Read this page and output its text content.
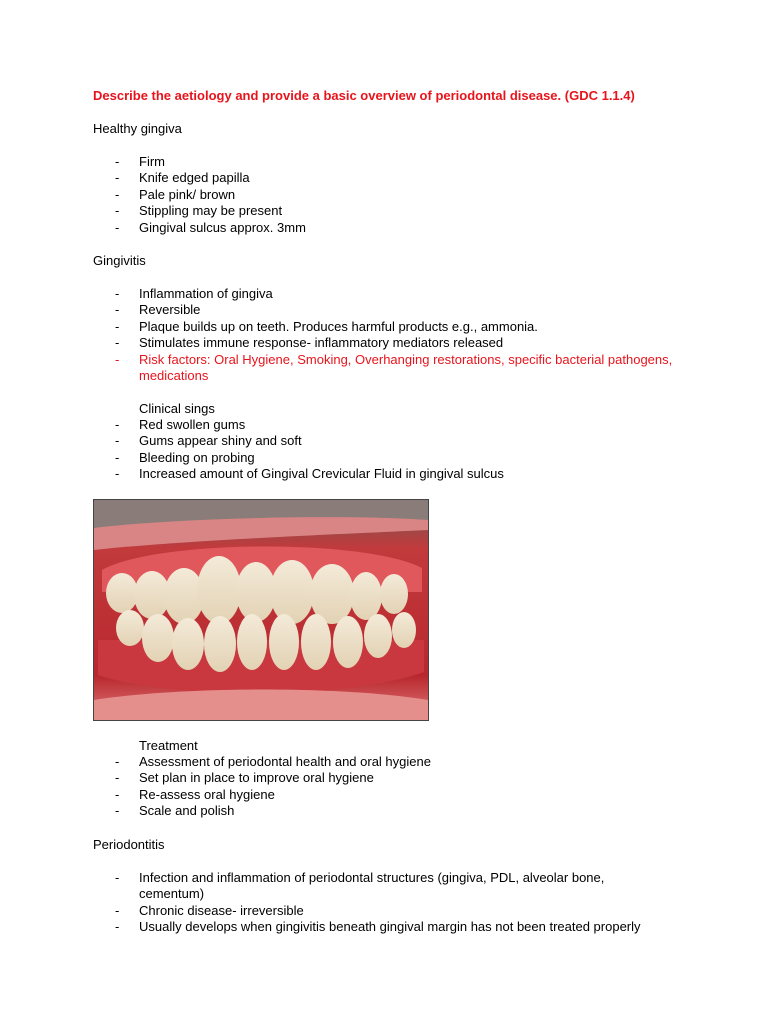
Describe the aetiology and provide a basic overview of periodontal disease. (GDC 1.1.4)
Healthy gingiva
- Firm
- Knife edged papilla
- Pale pink/ brown
- Stippling may be present
- Gingival sulcus approx. 3mm
Gingivitis
- Inflammation of gingiva
- Reversible
- Plaque builds up on teeth. Produces harmful products e.g., ammonia.
- Stimulates immune response- inflammatory mediators released
- Risk factors: Oral Hygiene, Smoking, Overhanging restorations, specific bacterial pathogens, medications
Clinical sings
- Red swollen gums
- Gums appear shiny and soft
- Bleeding on probing
- Increased amount of Gingival Crevicular Fluid in gingival sulcus
Treatment
- Assessment of periodontal health and oral hygiene
- Set plan in place to improve oral hygiene
- Re-assess oral hygiene
- Scale and polish
Periodontitis
- Infection and inflammation of periodontal structures (gingiva, PDL, alveolar bone, cementum)
- Chronic disease- irreversible
- Usually develops when gingivitis beneath gingival margin has not been treated properly
